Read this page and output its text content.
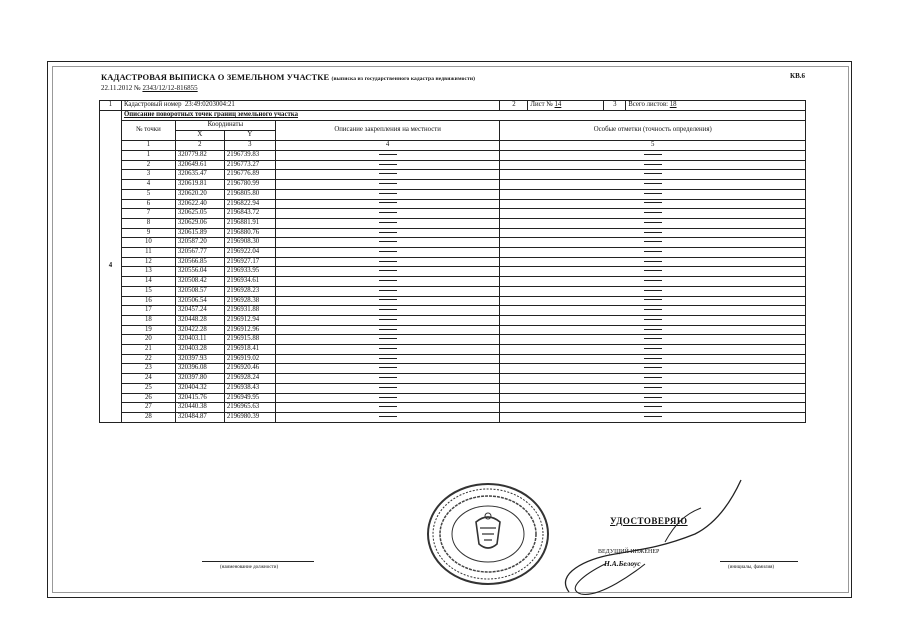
КАДАСТРОВАЯ ВЫПИСКА О ЗЕМЕЛЬНОМ УЧАСТКЕ (выписка из государственного кадастра недвижимости)	КВ.6
22.11.2012 № 2343/12/12-816855
1	Кадастровый номер 23:49:0203004:21				2	Лист № 14	3	Всего листов: 18
4	Описание поворотных точек границ земельного участка							
	№ точки	Координаты		Описание закрепления на местности	Особые отметки (точность определения)			
		X	Y					
	1	2	3	4	5			
	1	320779.82	2196739.83					
	2	320649.61	2196773.27					
	3	320635.47	2196776.89					
	4	320619.81	2196780.99					
	5	320620.20	2196805.80					
	6	320622.40	2196822.94					
	7	320625.05	2196843.72					
	8	320629.06	2196881.91					
	9	320615.89	2196880.76					
	10	320587.20	2196908.30					
	11	320567.77	2196922.04					
	12	320566.85	2196927.17					
	13	320556.04	2196933.95					
	14	320508.42	2196934.61					
	15	320508.57	2196928.23					
	16	320506.54	2196928.38					
	17	320457.24	2196931.88					
	18	320448.28	2196912.94					
	19	320422.28	2196912.96					
	20	320403.11	2196915.88					
	21	320403.28	2196918.41					
	22	320397.93	2196919.02					
	23	320396.08	2196920.46					
	24	320397.80	2196928.24					
	25	320404.32	2196938.43					
	26	320415.76	2196949.95					
	27	320440.38	2196965.63					
	28	320484.87	2196980.39					
(наименование должности)	(инициалы, фамилия)
УДОСТОВЕРЯЮ
ВЕДУЩИЙ ИНЖЕНЕР
Н.А.Белоус
